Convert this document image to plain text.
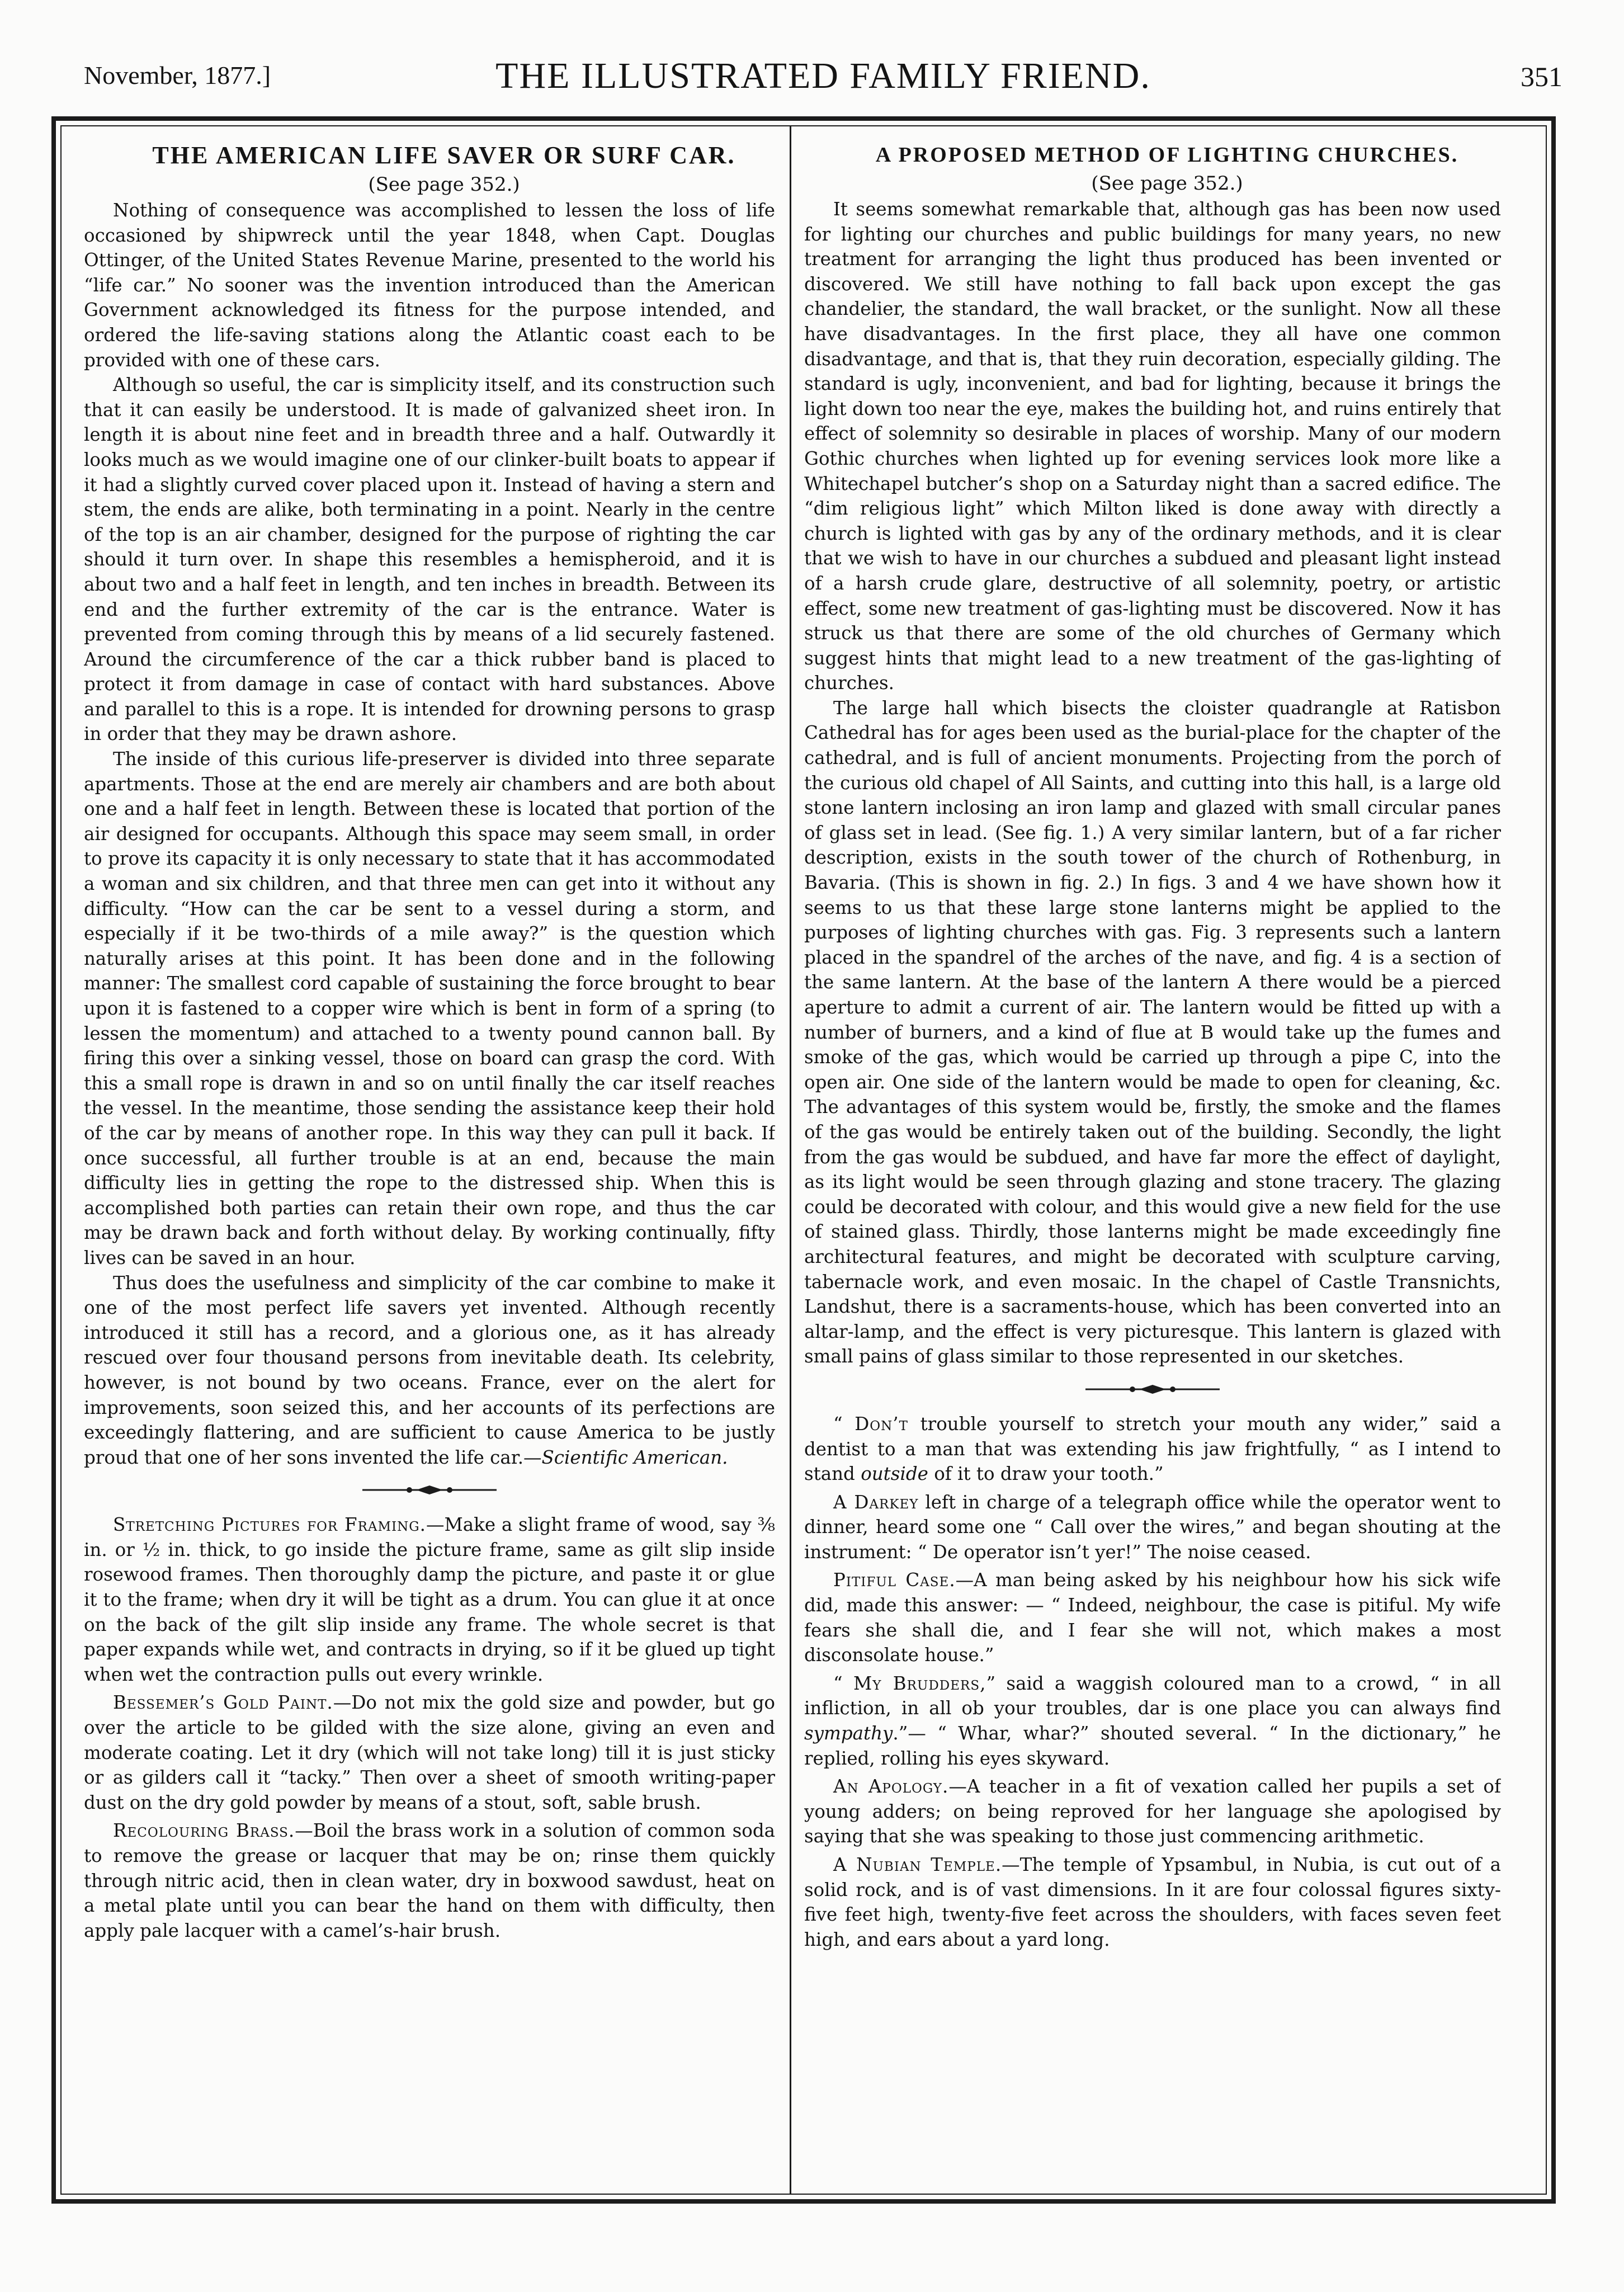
November, 1877.]	THE ILLUSTRATED FAMILY FRIEND.	351

THE AMERICAN LIFE SAVER OR SURF CAR.

(See page 352.)

Nothing of consequence was accomplished to lessen the loss of life occasioned by shipwreck until the year 1848, when Capt. Douglas Ottinger, of the United States Revenue Marine, presented to the world his “life car.” No sooner was the invention introduced than the American Government acknowledged its fitness for the purpose intended, and ordered the life-saving stations along the Atlantic coast each to be provided with one of these cars.

Although so useful, the car is simplicity itself, and its construction such that it can easily be understood. It is made of galvanized sheet iron. In length it is about nine feet and in breadth three and a half. Outwardly it looks much as we would imagine one of our clinker-built boats to appear if it had a slightly curved cover placed upon it. Instead of having a stern and stem, the ends are alike, both terminating in a point. Nearly in the centre of the top is an air chamber, designed for the purpose of righting the car should it turn over. In shape this resembles a hemispheroid, and it is about two and a half feet in length, and ten inches in breadth. Between its end and the further extremity of the car is the entrance. Water is prevented from coming through this by means of a lid securely fastened. Around the circumference of the car a thick rubber band is placed to protect it from damage in case of contact with hard substances. Above and parallel to this is a rope. It is intended for drowning persons to grasp in order that they may be drawn ashore.

The inside of this curious life-preserver is divided into three separate apartments. Those at the end are merely air chambers and are both about one and a half feet in length. Between these is located that portion of the air designed for occupants. Although this space may seem small, in order to prove its capacity it is only necessary to state that it has accommodated a woman and six children, and that three men can get into it without any difficulty. “How can the car be sent to a vessel during a storm, and especially if it be two-thirds of a mile away?” is the question which naturally arises at this point. It has been done and in the following manner: The smallest cord capable of sustaining the force brought to bear upon it is fastened to a copper wire which is bent in form of a spring (to lessen the momentum) and attached to a twenty pound cannon ball. By firing this over a sinking vessel, those on board can grasp the cord. With this a small rope is drawn in and so on until finally the car itself reaches the vessel. In the meantime, those sending the assistance keep their hold of the car by means of another rope. In this way they can pull it back. If once successful, all further trouble is at an end, because the main difficulty lies in getting the rope to the distressed ship. When this is accomplished both parties can retain their own rope, and thus the car may be drawn back and forth without delay. By working continually, fifty lives can be saved in an hour.

Thus does the usefulness and simplicity of the car combine to make it one of the most perfect life savers yet invented. Although recently introduced it still has a record, and a glorious one, as it has already rescued over four thousand persons from inevitable death. Its celebrity, however, is not bound by two oceans. France, ever on the alert for improvements, soon seized this, and her accounts of its perfections are exceedingly flattering, and are sufficient to cause America to be justly proud that one of her sons invented the life car.—Scientific American.

Stretching Pictures for Framing.—Make a slight frame of wood, say ⅜ in. or ½ in. thick, to go inside the picture frame, same as gilt slip inside rosewood frames. Then thoroughly damp the picture, and paste it or glue it to the frame; when dry it will be tight as a drum. You can glue it at once on the back of the gilt slip inside any frame. The whole secret is that paper expands while wet, and contracts in drying, so if it be glued up tight when wet the contraction pulls out every wrinkle.

Bessemer’s Gold Paint.—Do not mix the gold size and powder, but go over the article to be gilded with the size alone, giving an even and moderate coating. Let it dry (which will not take long) till it is just sticky or as gilders call it “tacky.” Then over a sheet of smooth writing-paper dust on the dry gold powder by means of a stout, soft, sable brush.

Recolouring Brass.—Boil the brass work in a solution of common soda to remove the grease or lacquer that may be on; rinse them quickly through nitric acid, then in clean water, dry in boxwood sawdust, heat on a metal plate until you can bear the hand on them with difficulty, then apply pale lacquer with a camel’s-hair brush.

A PROPOSED METHOD OF LIGHTING CHURCHES.

(See page 352.)

It seems somewhat remarkable that, although gas has been now used for lighting our churches and public buildings for many years, no new treatment for arranging the light thus produced has been invented or discovered. We still have nothing to fall back upon except the gas chandelier, the standard, the wall bracket, or the sunlight. Now all these have disadvantages. In the first place, they all have one common disadvantage, and that is, that they ruin decoration, especially gilding. The standard is ugly, inconvenient, and bad for lighting, because it brings the light down too near the eye, makes the building hot, and ruins entirely that effect of solemnity so desirable in places of worship. Many of our modern Gothic churches when lighted up for evening services look more like a Whitechapel butcher’s shop on a Saturday night than a sacred edifice. The “dim religious light” which Milton liked is done away with directly a church is lighted with gas by any of the ordinary methods, and it is clear that we wish to have in our churches a subdued and pleasant light instead of a harsh crude glare, destructive of all solemnity, poetry, or artistic effect, some new treatment of gas-lighting must be discovered. Now it has struck us that there are some of the old churches of Germany which suggest hints that might lead to a new treatment of the gas-lighting of churches.

The large hall which bisects the cloister quadrangle at Ratisbon Cathedral has for ages been used as the burial-place for the chapter of the cathedral, and is full of ancient monuments. Projecting from the porch of the curious old chapel of All Saints, and cutting into this hall, is a large old stone lantern inclosing an iron lamp and glazed with small circular panes of glass set in lead. (See fig. 1.) A very similar lantern, but of a far richer description, exists in the south tower of the church of Rothenburg, in Bavaria. (This is shown in fig. 2.) In figs. 3 and 4 we have shown how it seems to us that these large stone lanterns might be applied to the purposes of lighting churches with gas. Fig. 3 represents such a lantern placed in the spandrel of the arches of the nave, and fig. 4 is a section of the same lantern. At the base of the lantern A there would be a pierced aperture to admit a current of air. The lantern would be fitted up with a number of burners, and a kind of flue at B would take up the fumes and smoke of the gas, which would be carried up through a pipe C, into the open air. One side of the lantern would be made to open for cleaning, &c. The advantages of this system would be, firstly, the smoke and the flames of the gas would be entirely taken out of the building. Secondly, the light from the gas would be subdued, and have far more the effect of daylight, as its light would be seen through glazing and stone tracery. The glazing could be decorated with colour, and this would give a new field for the use of stained glass. Thirdly, those lanterns might be made exceedingly fine architectural features, and might be decorated with sculpture carving, tabernacle work, and even mosaic. In the chapel of Castle Transnichts, Landshut, there is a sacraments-house, which has been converted into an altar-lamp, and the effect is very picturesque. This lantern is glazed with small pains of glass similar to those represented in our sketches.

“ Don’t trouble yourself to stretch your mouth any wider,” said a dentist to a man that was extending his jaw frightfully, “ as I intend to stand outside of it to draw your tooth.”

A Darkey left in charge of a telegraph office while the operator went to dinner, heard some one “ Call over the wires,” and began shouting at the instrument: “ De operator isn’t yer!” The noise ceased.

Pitiful Case.—A man being asked by his neighbour how his sick wife did, made this answer: — “ Indeed, neighbour, the case is pitiful. My wife fears she shall die, and I fear she will not, which makes a most disconsolate house.”

“ My Brudders,” said a waggish coloured man to a crowd, “ in all infliction, in all ob your troubles, dar is one place you can always find sympathy.”— “ Whar, whar?” shouted several. “ In the dictionary,” he replied, rolling his eyes skyward.

An Apology.—A teacher in a fit of vexation called her pupils a set of young adders; on being reproved for her language she apologised by saying that she was speaking to those just commencing arithmetic.

A Nubian Temple.—The temple of Ypsambul, in Nubia, is cut out of a solid rock, and is of vast dimensions. In it are four colossal figures sixty-five feet high, twenty-five feet across the shoulders, with faces seven feet high, and ears about a yard long.
